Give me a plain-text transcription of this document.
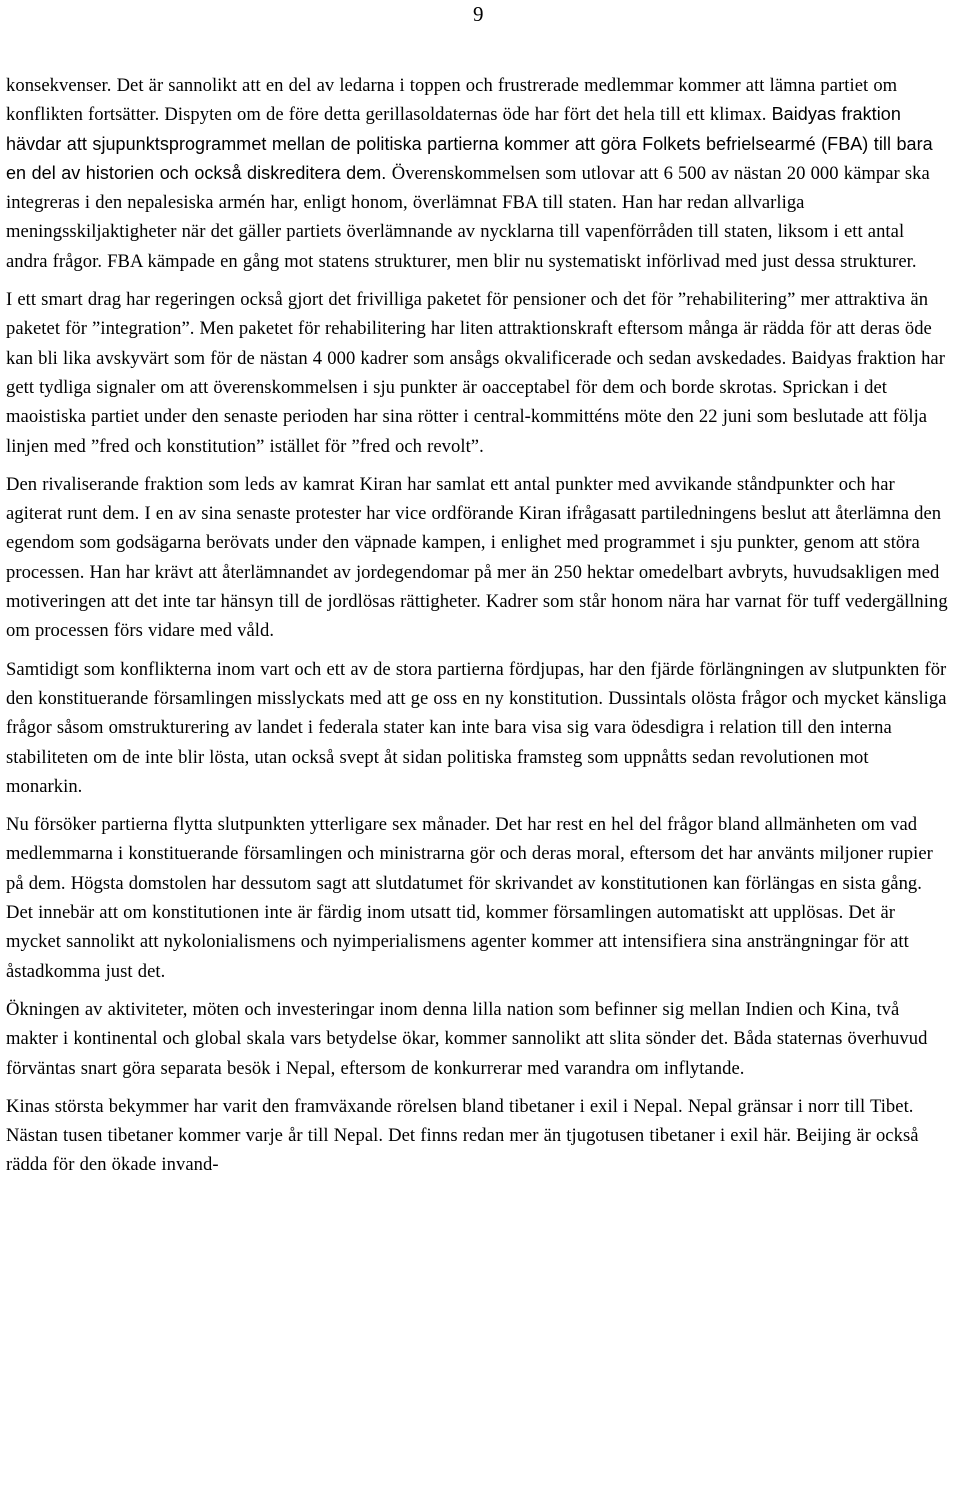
9

konsekvenser. Det är sannolikt att en del av ledarna i toppen och frustrerade medlemmar kommer att lämna partiet om konflikten fortsätter. Dispyten om de före detta gerillasoldaternas öde har fört det hela till ett klimax. Baidyas fraktion hävdar att sjupunktsprogrammet mellan de politiska partierna kommer att göra Folkets befrielsearmé (FBA) till bara en del av historien och också diskreditera dem. Överenskommelsen som utlovar att 6 500 av nästan 20 000 kämpar ska integreras i den nepalesiska armén har, enligt honom, överlämnat FBA till staten. Han har redan allvarliga meningsskiljaktigheter när det gäller partiets överlämnande av nycklarna till vapenförråden till staten, liksom i ett antal andra frågor. FBA kämpade en gång mot statens strukturer, men blir nu systematiskt införlivad med just dessa strukturer.

I ett smart drag har regeringen också gjort det frivilliga paketet för pensioner och det för ”rehabilitering” mer attraktiva än paketet för ”integration”. Men paketet för rehabilitering har liten attraktionskraft eftersom många är rädda för att deras öde kan bli lika avskyvärt som för de nästan 4 000 kadrer som ansågs okvalificerade och sedan avskedades. Baidyas fraktion har gett tydliga signaler om att överenskommelsen i sju punkter är oacceptabel för dem och borde skrotas. Sprickan i det maoistiska partiet under den senaste perioden har sina rötter i central-kommitténs möte den 22 juni som beslutade att följa linjen med ”fred och konstitution” istället för ”fred och revolt”.

Den rivaliserande fraktion som leds av kamrat Kiran har samlat ett antal punkter med avvikande ståndpunkter och har agiterat runt dem. I en av sina senaste protester har vice ordförande Kiran ifrågasatt partiledningens beslut att återlämna den egendom som godsägarna berövats under den väpnade kampen, i enlighet med programmet i sju punkter, genom att störa processen. Han har krävt att återlämnandet av jordegendomar på mer än 250 hektar omedelbart avbryts, huvudsakligen med motiveringen att det inte tar hänsyn till de jordlösas rättigheter. Kadrer som står honom nära har varnat för tuff vedergällning om processen förs vidare med våld.

Samtidigt som konflikterna inom vart och ett av de stora partierna fördjupas, har den fjärde förlängningen av slutpunkten för den konstituerande församlingen misslyckats med att ge oss en ny konstitution. Dussintals olösta frågor och mycket känsliga frågor såsom omstrukturering av landet i federala stater kan inte bara visa sig vara ödesdigra i relation till den interna stabiliteten om de inte blir lösta, utan också svept åt sidan politiska framsteg som uppnåtts sedan revolutionen mot monarkin.

Nu försöker partierna flytta slutpunkten ytterligare sex månader. Det har rest en hel del frågor bland allmänheten om vad medlemmarna i konstituerande församlingen och ministrarna gör och deras moral, eftersom det har använts miljoner rupier på dem. Högsta domstolen har dessutom sagt att slutdatumet för skrivandet av konstitutionen kan förlängas en sista gång. Det innebär att om konstitutionen inte är färdig inom utsatt tid, kommer församlingen automatiskt att upplösas. Det är mycket sannolikt att nykolonialismens och nyimperialismens agenter kommer att intensifiera sina ansträngningar för att åstadkomma just det.

Ökningen av aktiviteter, möten och investeringar inom denna lilla nation som befinner sig mellan Indien och Kina, två makter i kontinental och global skala vars betydelse ökar, kommer sannolikt att slita sönder det. Båda staternas överhuvud förväntas snart göra separata besök i Nepal, eftersom de konkurrerar med varandra om inflytande.

Kinas största bekymmer har varit den framväxande rörelsen bland tibetaner i exil i Nepal. Nepal gränsar i norr till Tibet. Nästan tusen tibetaner kommer varje år till Nepal. Det finns redan mer än tjugotusen tibetaner i exil här. Beijing är också rädda för den ökade invand-
